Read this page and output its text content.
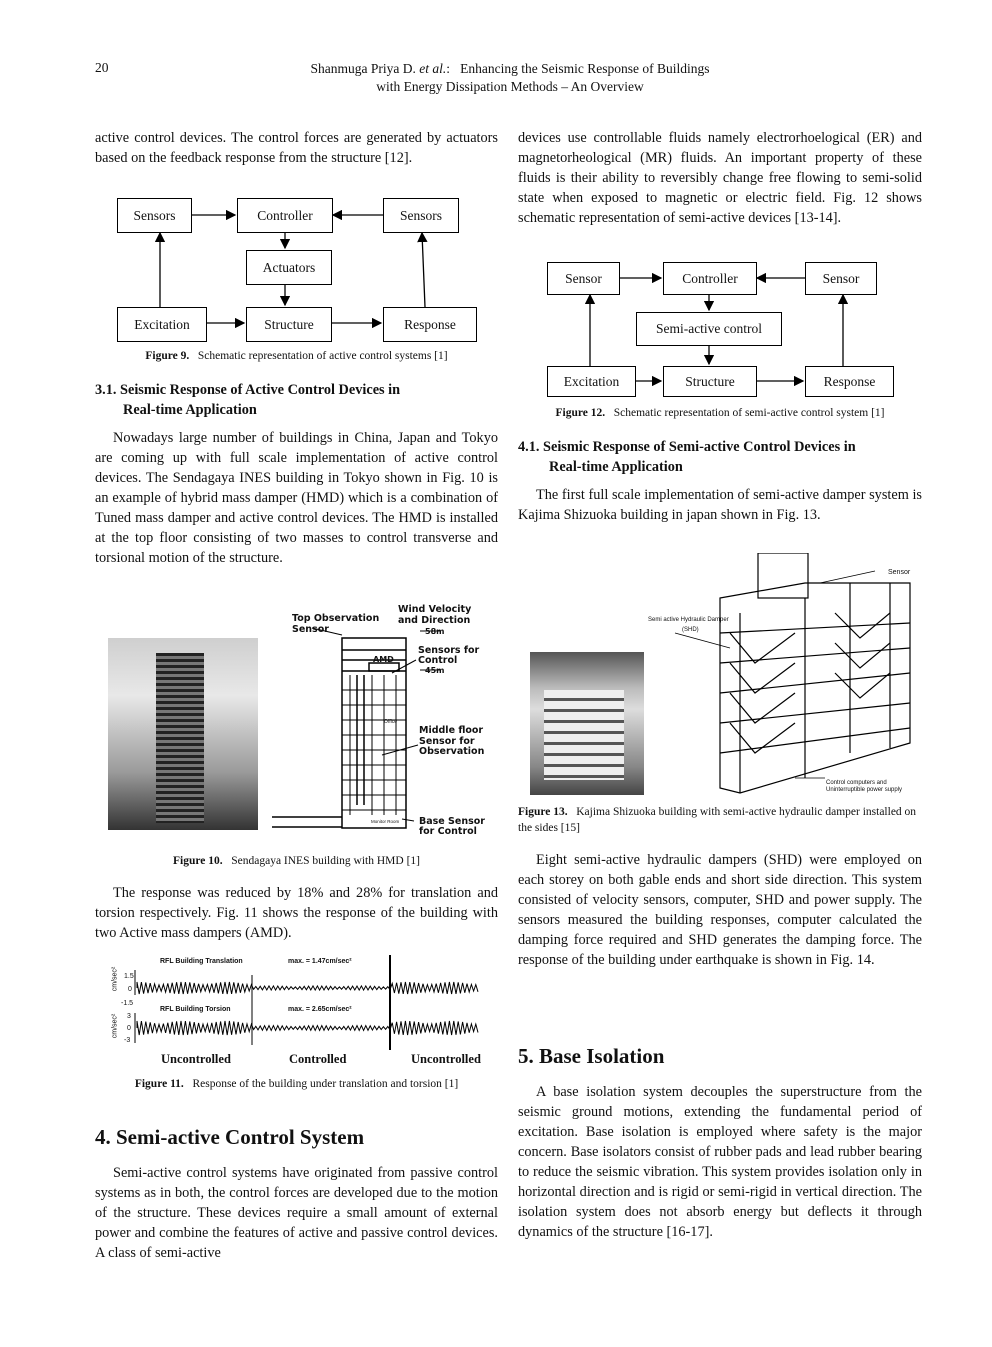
20	Shanmuga Priya D. et al.:   Enhancing the Seismic Response of Buildings
with Energy Dissipation Methods – An Overview
active control devices. The control forces are generated by actuators based on the feedback response from the structure [12].
Sensors	Controller	Sensors
Actuators
Excitation	Structure	Response
Figure 9. Schematic representation of active control systems [1]
3.1. Seismic Response of Active Control Devices in
Real-time Application
Nowadays large number of buildings in China, Japan and Tokyo are coming up with full scale implementation of active control devices. The Sendagaya INES building in Tokyo shown in Fig. 10 is an example of hybrid mass damper (HMD) which is a combination of Tuned mass damper and active control devices. The HMD is installed at the top floor consisting of two masses to control transverse and torsional motion of the structure.
Top Observation
Sensor
Wind Velocity
and Direction
58m
AMD
Sensors for
Control
45m
Office
Middle floor
Sensor for
Observation
Monitor Room Base Sensor
for Control
Figure 10. Sendagaya INES building with HMD [1]
The response was reduced by 18% and 28% for translation and torsion respectively. Fig. 11 shows the response of the building with two Active mass dampers (AMD).
RFL Building Translation	max. = 1.47cm/sec²
RFL Building Torsion	max. = 2.65cm/sec²
cm/sec²
cm/sec²
1.5
0
-1.5
3
0
-3
Uncontrolled	Controlled	Uncontrolled
Figure 11. Response of the building under translation and torsion [1]
4. Semi-active Control System
Semi-active control systems have originated from passive control systems as in both, the control forces are developed due to the motion of the structure. These devices require a small amount of external power and combine the features of active and passive control devices. A class of semi-active
devices use controllable fluids namely electrorhoelogical (ER) and magnetorheological (MR) fluids. An important property of these fluids is their ability to reversibly change free flowing to semi-solid state when exposed to magnetic or electric field. Fig. 12 shows schematic representation of semi-active devices [13-14].
Sensor	Controller	Sensor
Semi-active control
Excitation	Structure	Response
Figure 12. Schematic representation of semi-active control system [1]
4.1. Seismic Response of Semi-active Control Devices in
Real-time Application
The first full scale implementation of semi-active damper system is Kajima Shizuoka building in japan shown in Fig. 13.
Sensor
Semi active Hydraulic Damper
(SHD)
Control computers and
Uninterruptible power supply
Figure 13. Kajima Shizuoka building with semi-active hydraulic damper installed on the sides [15]
Eight semi-active hydraulic dampers (SHD) were employed on each storey on both gable ends and short side direction. This system consisted of velocity sensors, computer, SHD and power supply. The sensors measured the building responses, computer calculated the damping force required and SHD generates the damping force. The response of the building under earthquake is shown in Fig. 14.
5. Base Isolation
A base isolation system decouples the superstructure from the seismic ground motions, extending the fundamental period of excitation. Base isolation is employed where safety is the major concern. Base isolators consist of rubber pads and lead rubber bearing to reduce the seismic vibration. This system provides isolation only in horizontal direction and is rigid or semi-rigid in vertical direction. The isolation system does not absorb energy but deflects it through dynamics of the structure [16-17].
